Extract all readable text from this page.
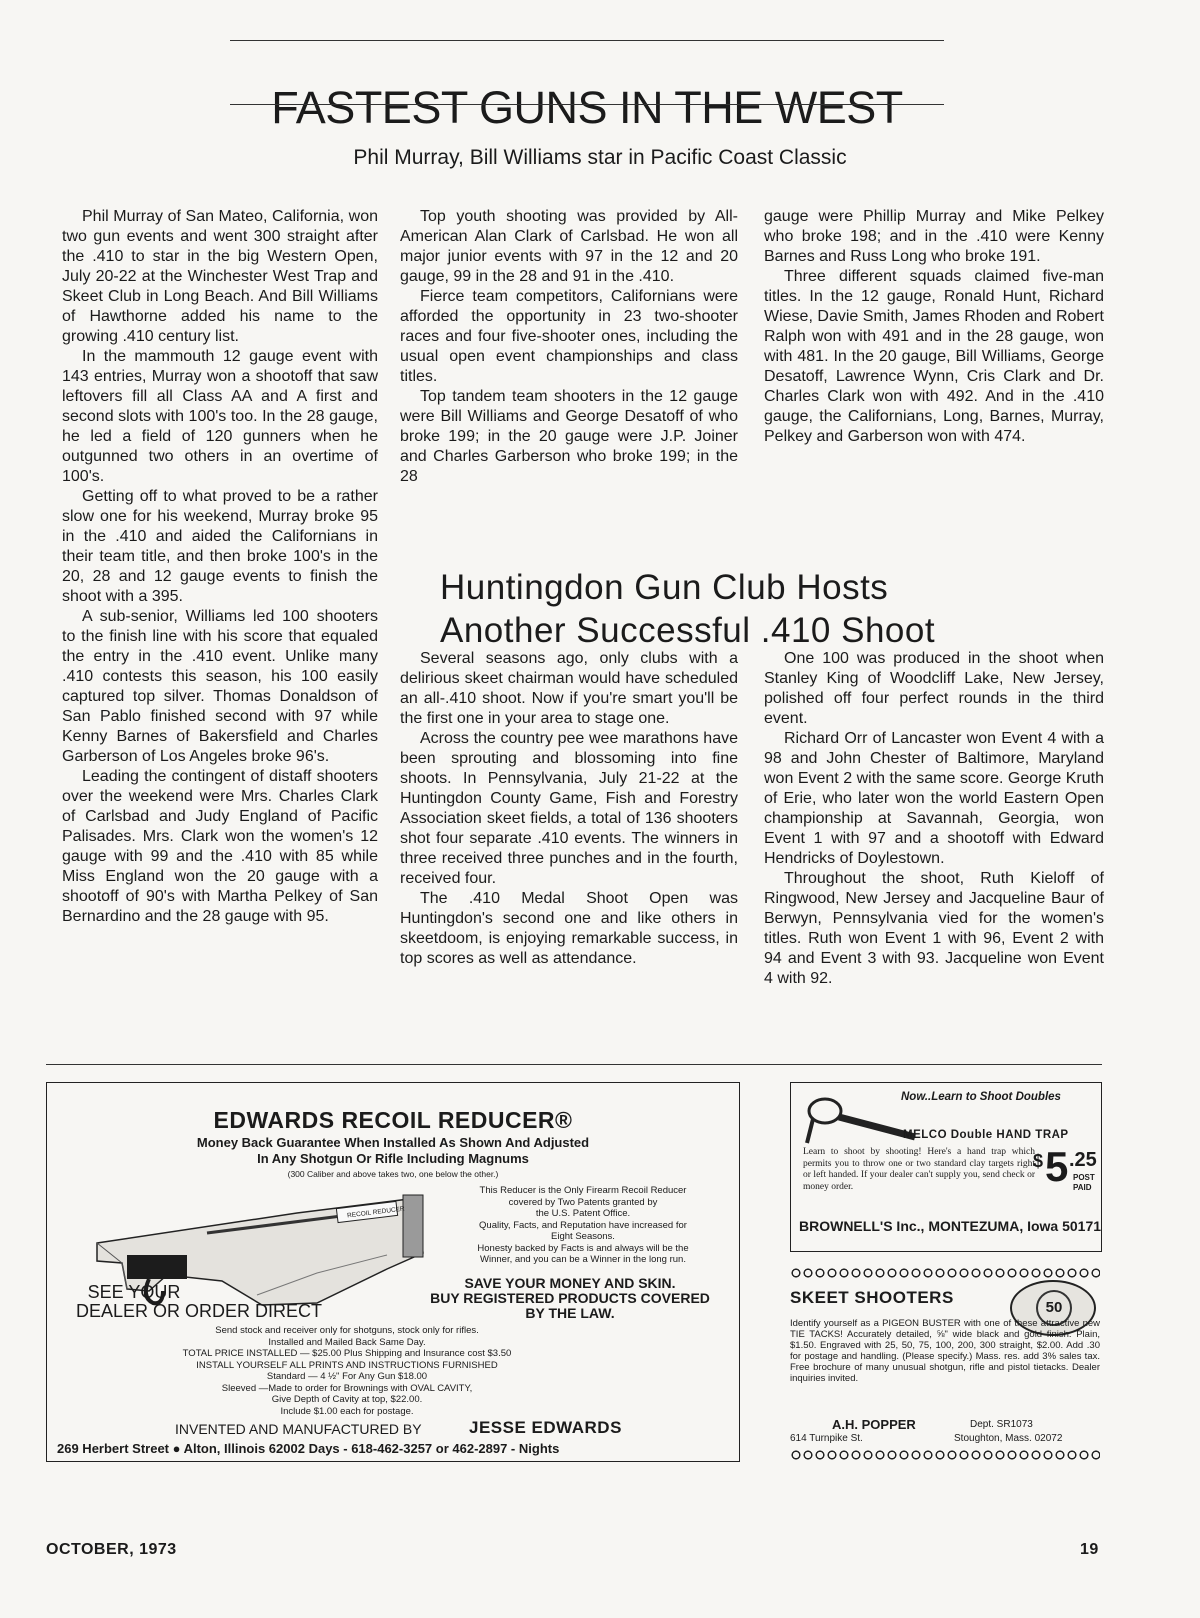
FASTEST GUNS IN THE WEST
Phil Murray, Bill Williams star in Pacific Coast Classic

Phil Murray of San Mateo, California, won two gun events and went 300 straight after the .410 to star in the big Western Open, July 20-22 at the Winchester West Trap and Skeet Club in Long Beach. And Bill Williams of Hawthorne added his name to the growing .410 century list.

In the mammouth 12 gauge event with 143 entries, Murray won a shootoff that saw leftovers fill all Class AA and A first and second slots with 100's too. In the 28 gauge, he led a field of 120 gunners when he outgunned two others in an overtime of 100's.

Getting off to what proved to be a rather slow one for his weekend, Murray broke 95 in the .410 and aided the Californians in their team title, and then broke 100's in the 20, 28 and 12 gauge events to finish the shoot with a 395.

A sub-senior, Williams led 100 shooters to the finish line with his score that equaled the entry in the .410 event. Unlike many .410 contests this season, his 100 easily captured top silver. Thomas Donaldson of San Pablo finished second with 97 while Kenny Barnes of Bakersfield and Charles Garberson of Los Angeles broke 96's.

Leading the contingent of distaff shooters over the weekend were Mrs. Charles Clark of Carlsbad and Judy England of Pacific Palisades. Mrs. Clark won the women's 12 gauge with 99 and the .410 with 85 while Miss England won the 20 gauge with a shootoff of 90's with Martha Pelkey of San Bernardino and the 28 gauge with 95.

Top youth shooting was provided by All-American Alan Clark of Carlsbad. He won all major junior events with 97 in the 12 and 20 gauge, 99 in the 28 and 91 in the .410.

Fierce team competitors, Californians were afforded the opportunity in 23 two-shooter races and four five-shooter ones, including the usual open event championships and class titles.

Top tandem team shooters in the 12 gauge were Bill Williams and George Desatoff of who broke 199; in the 20 gauge were J.P. Joiner and Charles Garberson who broke 199; in the 28

gauge were Phillip Murray and Mike Pelkey who broke 198; and in the .410 were Kenny Barnes and Russ Long who broke 191.

Three different squads claimed five-man titles. In the 12 gauge, Ronald Hunt, Richard Wiese, Davie Smith, James Rhoden and Robert Ralph won with 491 and in the 28 gauge, won with 481. In the 20 gauge, Bill Williams, George Desatoff, Lawrence Wynn, Cris Clark and Dr. Charles Clark won with 492. And in the .410 gauge, the Californians, Long, Barnes, Murray, Pelkey and Garberson won with 474.

Huntingdon Gun Club Hosts
Another Successful .410 Shoot

Several seasons ago, only clubs with a delirious skeet chairman would have scheduled an all-.410 shoot. Now if you're smart you'll be the first one in your area to stage one.

Across the country pee wee marathons have been sprouting and blossoming into fine shoots. In Pennsylvania, July 21-22 at the Huntingdon County Game, Fish and Forestry Association skeet fields, a total of 136 shooters shot four separate .410 events. The winners in three received three punches and in the fourth, received four.

The .410 Medal Shoot Open was Huntingdon's second one and like others in skeetdoom, is enjoying remarkable success, in top scores as well as attendance.

One 100 was produced in the shoot when Stanley King of Woodcliff Lake, New Jersey, polished off four perfect rounds in the third event.

Richard Orr of Lancaster won Event 4 with a 98 and John Chester of Baltimore, Maryland won Event 2 with the same score. George Kruth of Erie, who later won the world Eastern Open championship at Savannah, Georgia, won Event 1 with 97 and a shootoff with Edward Hendricks of Doylestown.

Throughout the shoot, Ruth Kieloff of Ringwood, New Jersey and Jacqueline Baur of Berwyn, Pennsylvania vied for the women's titles. Ruth won Event 1 with 96, Event 2 with 94 and Event 3 with 93. Jacqueline won Event 4 with 92.

EDWARDS RECOIL REDUCER®
Money Back Guarantee When Installed As Shown And Adjusted
In Any Shotgun Or Rifle Including Magnums
(300 Caliber and above takes two, one below the other.)
RECOIL REDUCER
This Reducer is the Only Firearm Recoil Reducer
covered by Two Patents granted by
the U.S. Patent Office.
Quality, Facts, and Reputation have increased for
Eight Seasons.
Honesty backed by Facts is and always will be the
Winner, and you can be a Winner in the long run.
SAVE YOUR MONEY AND SKIN.
BUY REGISTERED PRODUCTS COVERED
BY THE LAW.
SEE YOUR
DEALER OR ORDER DIRECT
Send stock and receiver only for shotguns, stock only for rifles.
Installed and Mailed Back Same Day.
TOTAL PRICE INSTALLED — $25.00 Plus Shipping and Insurance cost $3.50
INSTALL YOURSELF ALL PRINTS AND INSTRUCTIONS FURNISHED
Standard — 4 ½" For Any Gun $18.00
Sleeved —Made to order for Brownings with OVAL CAVITY,
Give Depth of Cavity at top, $22.00.
Include $1.00 each for postage.
INVENTED AND MANUFACTURED BY	JESSE EDWARDS
269 Herbert Street ● Alton, Illinois 62002 Days - 618-462-3257 or 462-2897 - Nights
Now..Learn to Shoot Doubles
MELCO Double HAND TRAP
Learn to shoot by shooting! Here's a hand trap which permits you to throw one or two standard clay targets right or left handed. If your dealer can't supply you, send check or money order.
$ 5 .25
POST
PAID
BROWNELL'S Inc., MONTEZUMA, Iowa 50171
SKEET SHOOTERS
50
Identify yourself as a PIGEON BUSTER with one of these attractive new TIE TACKS! Accurately detailed, ⅝" wide black and gold finish. Plain, $1.50. Engraved with 25, 50, 75, 100, 200, 300 straight, $2.00. Add .30 for postage and handling. (Please specify.) Mass. res. add 3% sales tax. Free brochure of many unusual shotgun, rifle and pistol tietacks. Dealer inquiries invited.
A.H. POPPER	Dept. SR1073
614 Turnpike St.	Stoughton, Mass. 02072
OCTOBER, 1973	19
